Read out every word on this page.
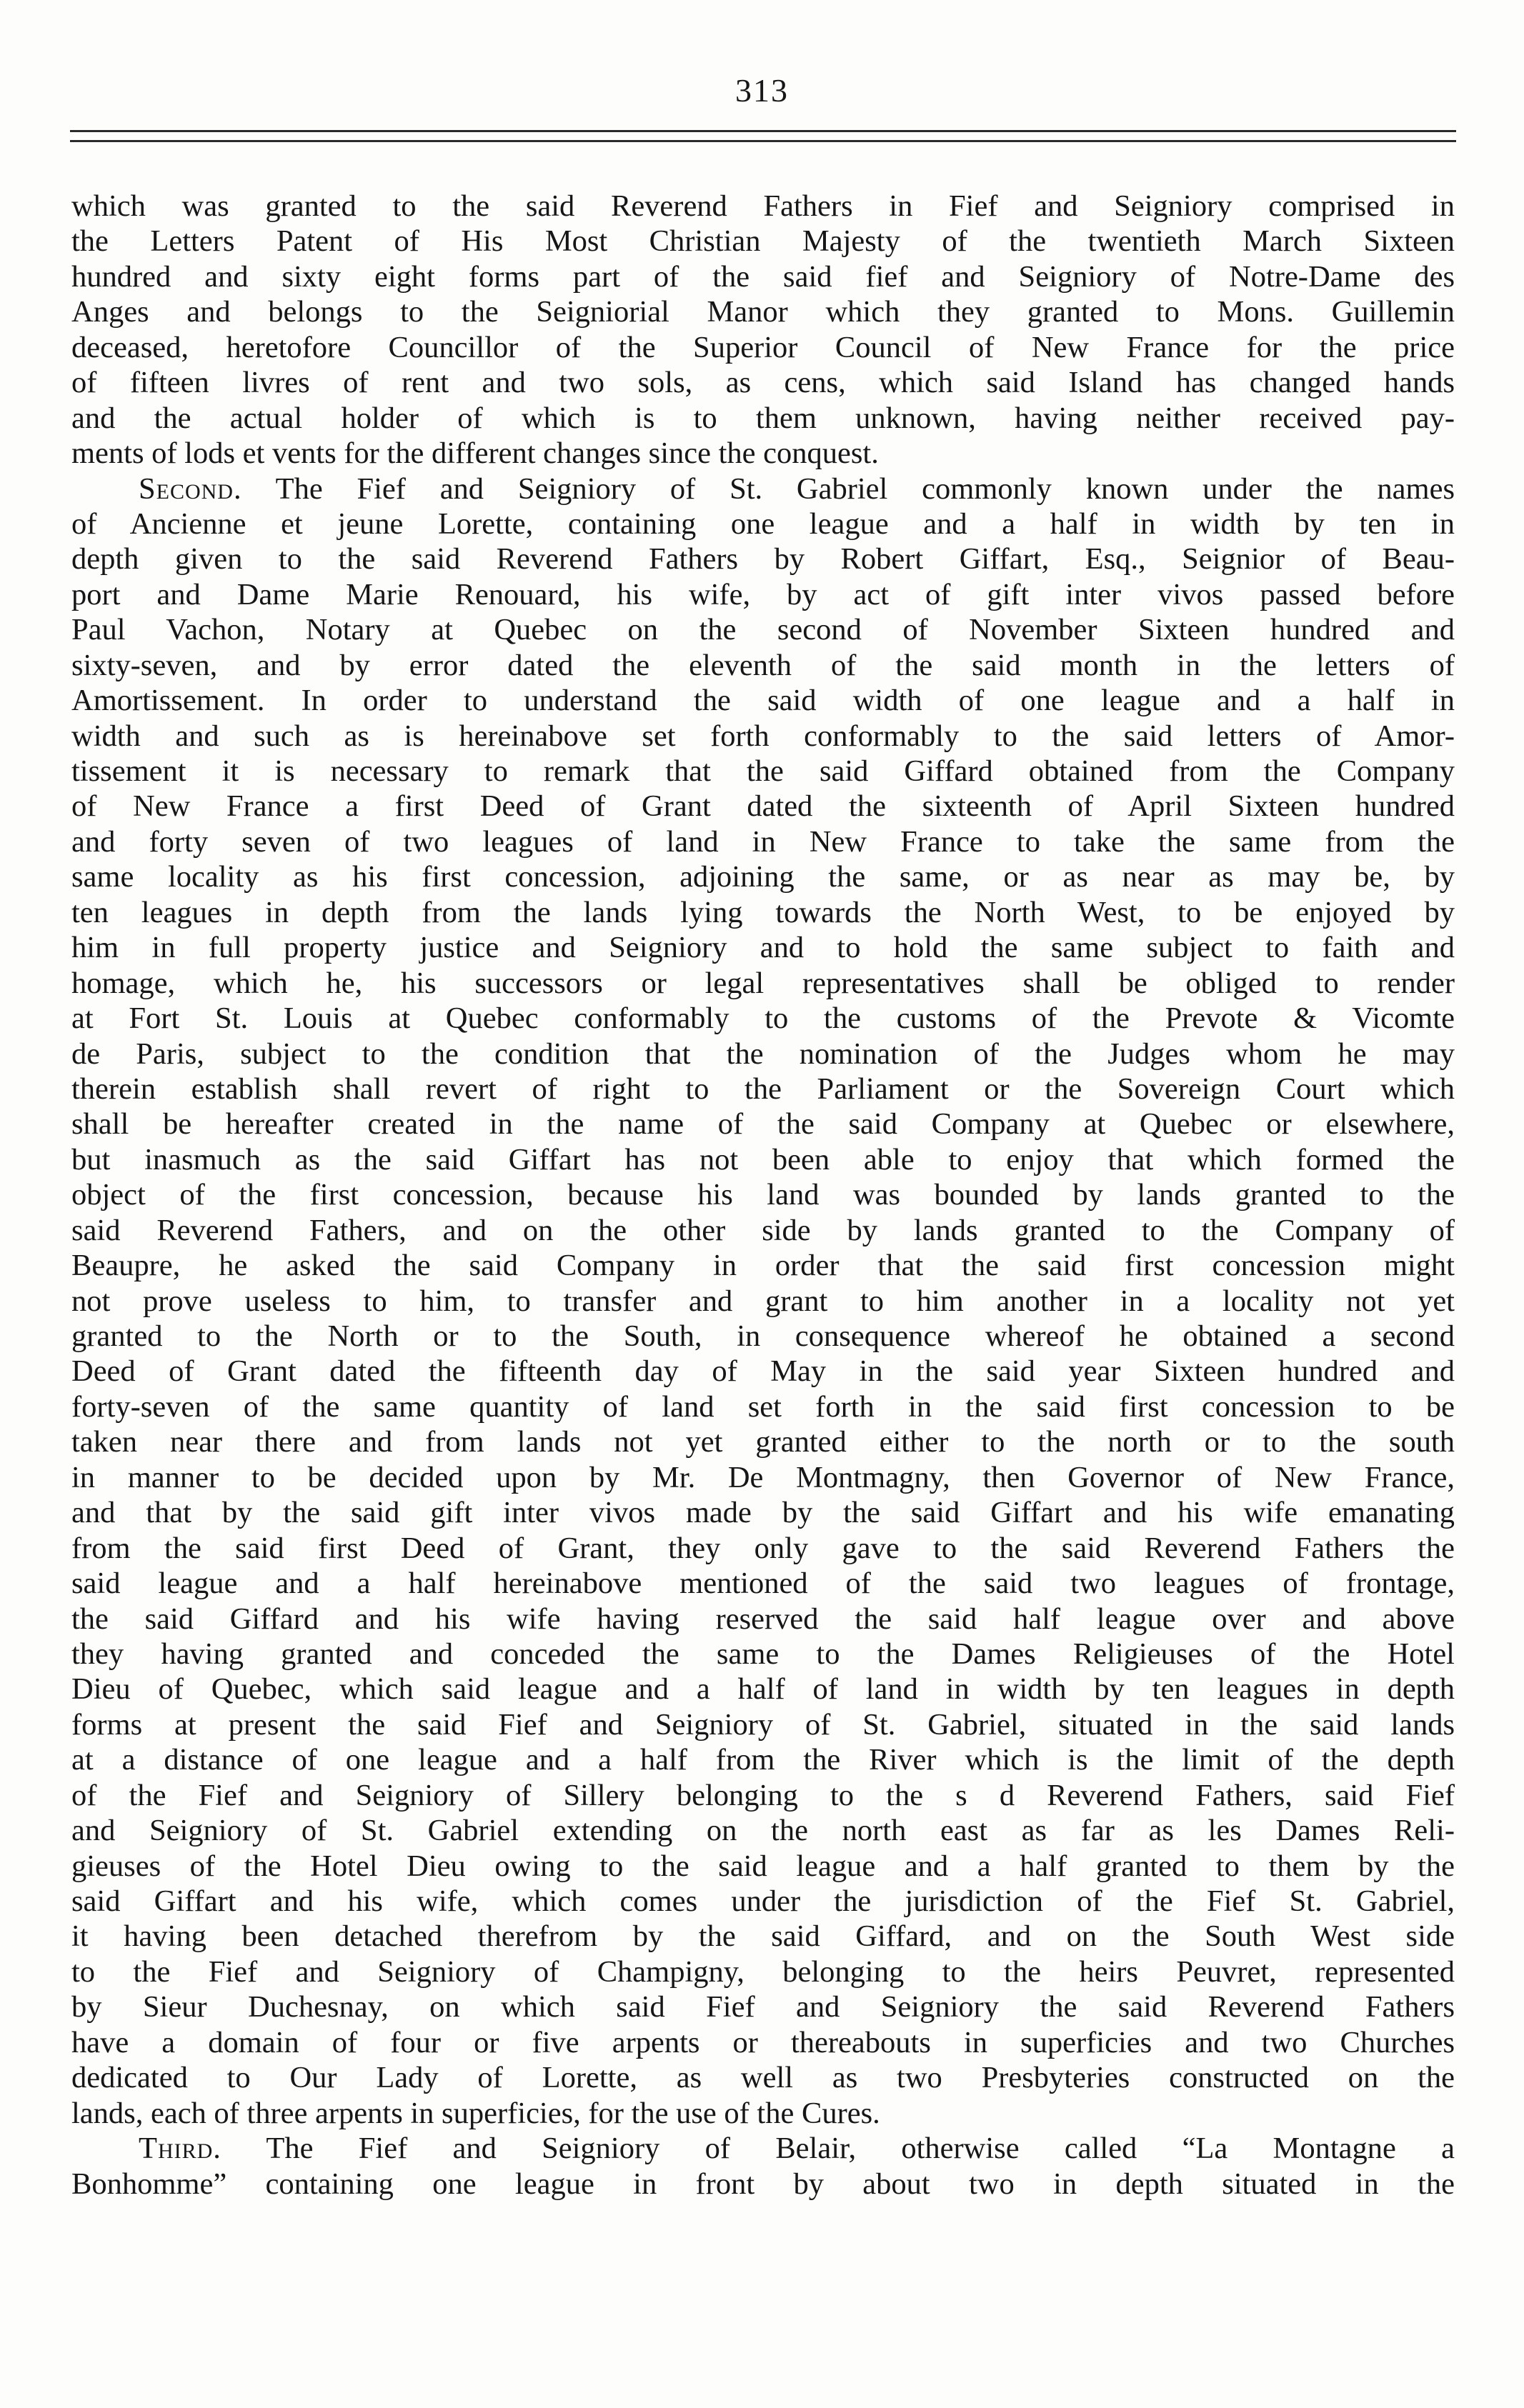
313
which was granted to the said Reverend Fathers in Fief and Seigniory comprised in
the Letters Patent of His Most Christian Majesty of the twentieth March Sixteen
hundred and sixty eight forms part of the said fief and Seigniory of Notre-Dame des
Anges and belongs to the Seigniorial Manor which they granted to Mons. Guillemin
deceased, heretofore Councillor of the Superior Council of New France for the price
of fifteen livres of rent and two sols, as cens, which said Island has changed hands
and the actual holder of which is to them unknown, having neither received pay-
ments of lods et vents for the different changes since the conquest.
Second. The Fief and Seigniory of St. Gabriel commonly known under the names
of Ancienne et jeune Lorette, containing one league and a half in width by ten in
depth given to the said Reverend Fathers by Robert Giffart, Esq., Seignior of Beau-
port and Dame Marie Renouard, his wife, by act of gift inter vivos passed before
Paul Vachon, Notary at Quebec on the second of November Sixteen hundred and
sixty-seven, and by error dated the eleventh of the said month in the letters of
Amortissement. In order to understand the said width of one league and a half in
width and such as is hereinabove set forth conformably to the said letters of Amor-
tissement it is necessary to remark that the said Giffard obtained from the Company
of New France a first Deed of Grant dated the sixteenth of April Sixteen hundred
and forty seven of two leagues of land in New France to take the same from the
same locality as his first concession, adjoining the same, or as near as may be, by
ten leagues in depth from the lands lying towards the North West, to be enjoyed by
him in full property justice and Seigniory and to hold the same subject to faith and
homage, which he, his successors or legal representatives shall be obliged to render
at Fort St. Louis at Quebec conformably to the customs of the Prevote & Vicomte
de Paris, subject to the condition that the nomination of the Judges whom he may
therein establish shall revert of right to the Parliament or the Sovereign Court which
shall be hereafter created in the name of the said Company at Quebec or elsewhere,
but inasmuch as the said Giffart has not been able to enjoy that which formed the
object of the first concession, because his land was bounded by lands granted to the
said Reverend Fathers, and on the other side by lands granted to the Company of
Beaupre, he asked the said Company in order that the said first concession might
not prove useless to him, to transfer and grant to him another in a locality not yet
granted to the North or to the South, in consequence whereof he obtained a second
Deed of Grant dated the fifteenth day of May in the said year Sixteen hundred and
forty-seven of the same quantity of land set forth in the said first concession to be
taken near there and from lands not yet granted either to the north or to the south
in manner to be decided upon by Mr. De Montmagny, then Governor of New France,
and that by the said gift inter vivos made by the said Giffart and his wife emanating
from the said first Deed of Grant, they only gave to the said Reverend Fathers the
said league and a half hereinabove mentioned of the said two leagues of frontage,
the said Giffard and his wife having reserved the said half league over and above
they having granted and conceded the same to the Dames Religieuses of the Hotel
Dieu of Quebec, which said league and a half of land in width by ten leagues in depth
forms at present the said Fief and Seigniory of St. Gabriel, situated in the said lands
at a distance of one league and a half from the River which is the limit of the depth
of the Fief and Seigniory of Sillery belonging to the s d Reverend Fathers, said Fief
and Seigniory of St. Gabriel extending on the north east as far as les Dames Reli-
gieuses of the Hotel Dieu owing to the said league and a half granted to them by the
said Giffart and his wife, which comes under the jurisdiction of the Fief St. Gabriel,
it having been detached therefrom by the said Giffard, and on the South West side
to the Fief and Seigniory of Champigny, belonging to the heirs Peuvret, represented
by Sieur Duchesnay, on which said Fief and Seigniory the said Reverend Fathers
have a domain of four or five arpents or thereabouts in superficies and two Churches
dedicated to Our Lady of Lorette, as well as two Presbyteries constructed on the
lands, each of three arpents in superficies, for the use of the Cures.
Third. The Fief and Seigniory of Belair, otherwise called “La Montagne a
Bonhomme” containing one league in front by about two in depth situated in the
